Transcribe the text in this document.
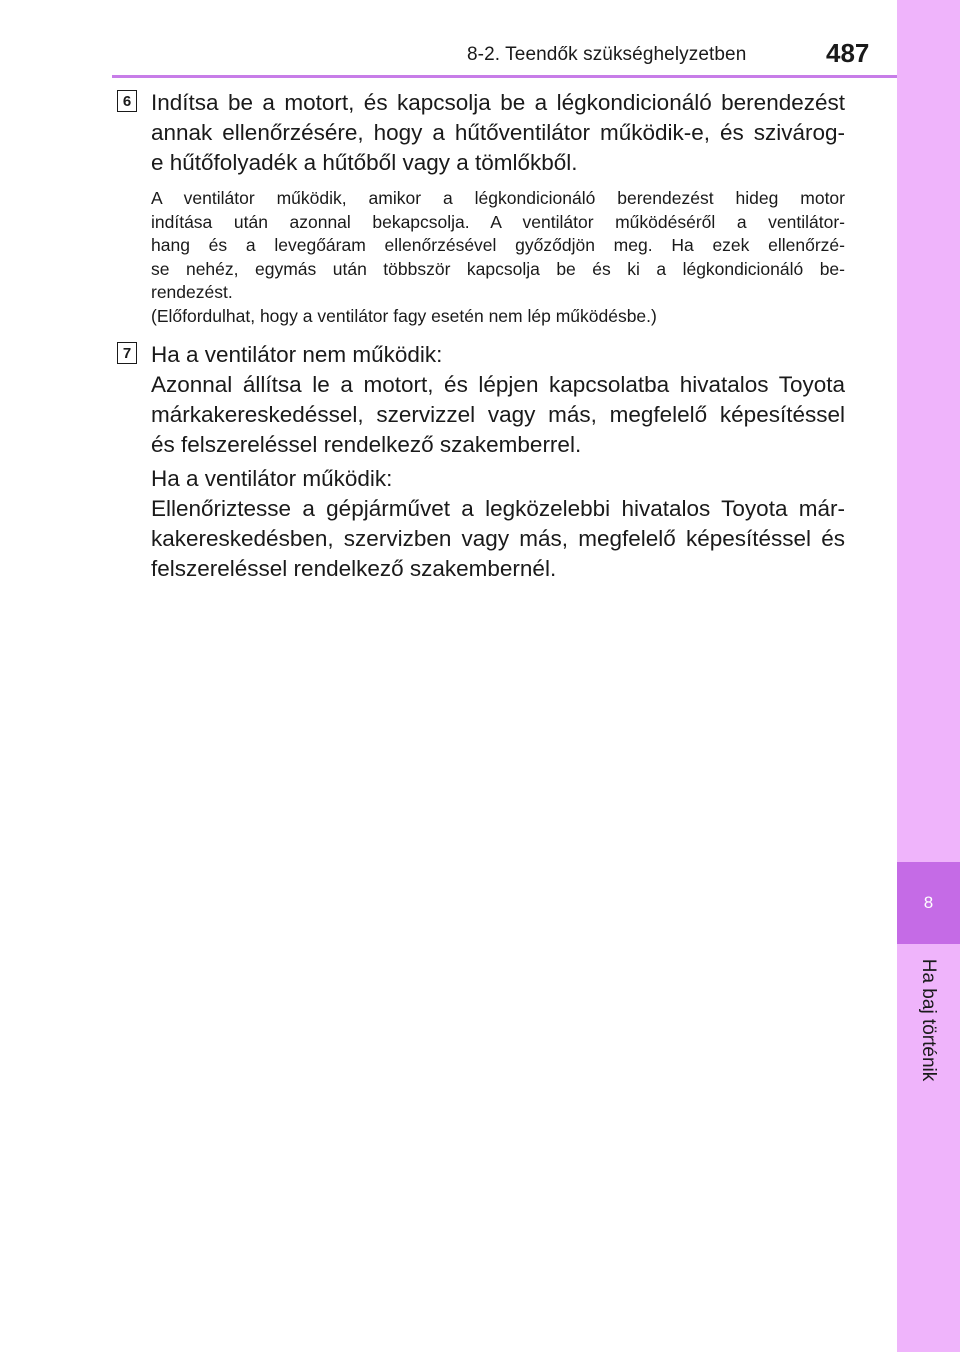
8-2. Teendők szükséghelyzetben	487
8
Ha baj történik
6 Indítsa be a motort, és kapcsolja be a légkondicionáló berendezést
annak ellenőrzésére, hogy a hűtőventilátor működik-e, és szivárog-
e hűtőfolyadék a hűtőből vagy a tömlőkből.

A ventilátor működik, amikor a légkondicionáló berendezést hideg motor
indítása után azonnal bekapcsolja. A ventilátor működéséről a ventilátor-
hang és a levegőáram ellenőrzésével győződjön meg. Ha ezek ellenőrzé-
se nehéz, egymás után többször kapcsolja be és ki a légkondicionáló be-
rendezést.
(Előfordulhat, hogy a ventilátor fagy esetén nem lép működésbe.)

7 Ha a ventilátor nem működik:
Azonnal állítsa le a motort, és lépjen kapcsolatba hivatalos Toyota
márkakereskedéssel, szervizzel vagy más, megfelelő képesítéssel
és felszereléssel rendelkező szakemberrel.

Ha a ventilátor működik:
Ellenőriztesse a gépjárművet a legközelebbi hivatalos Toyota már-
kakereskedésben, szervizben vagy más, megfelelő képesítéssel és
felszereléssel rendelkező szakembernél.
